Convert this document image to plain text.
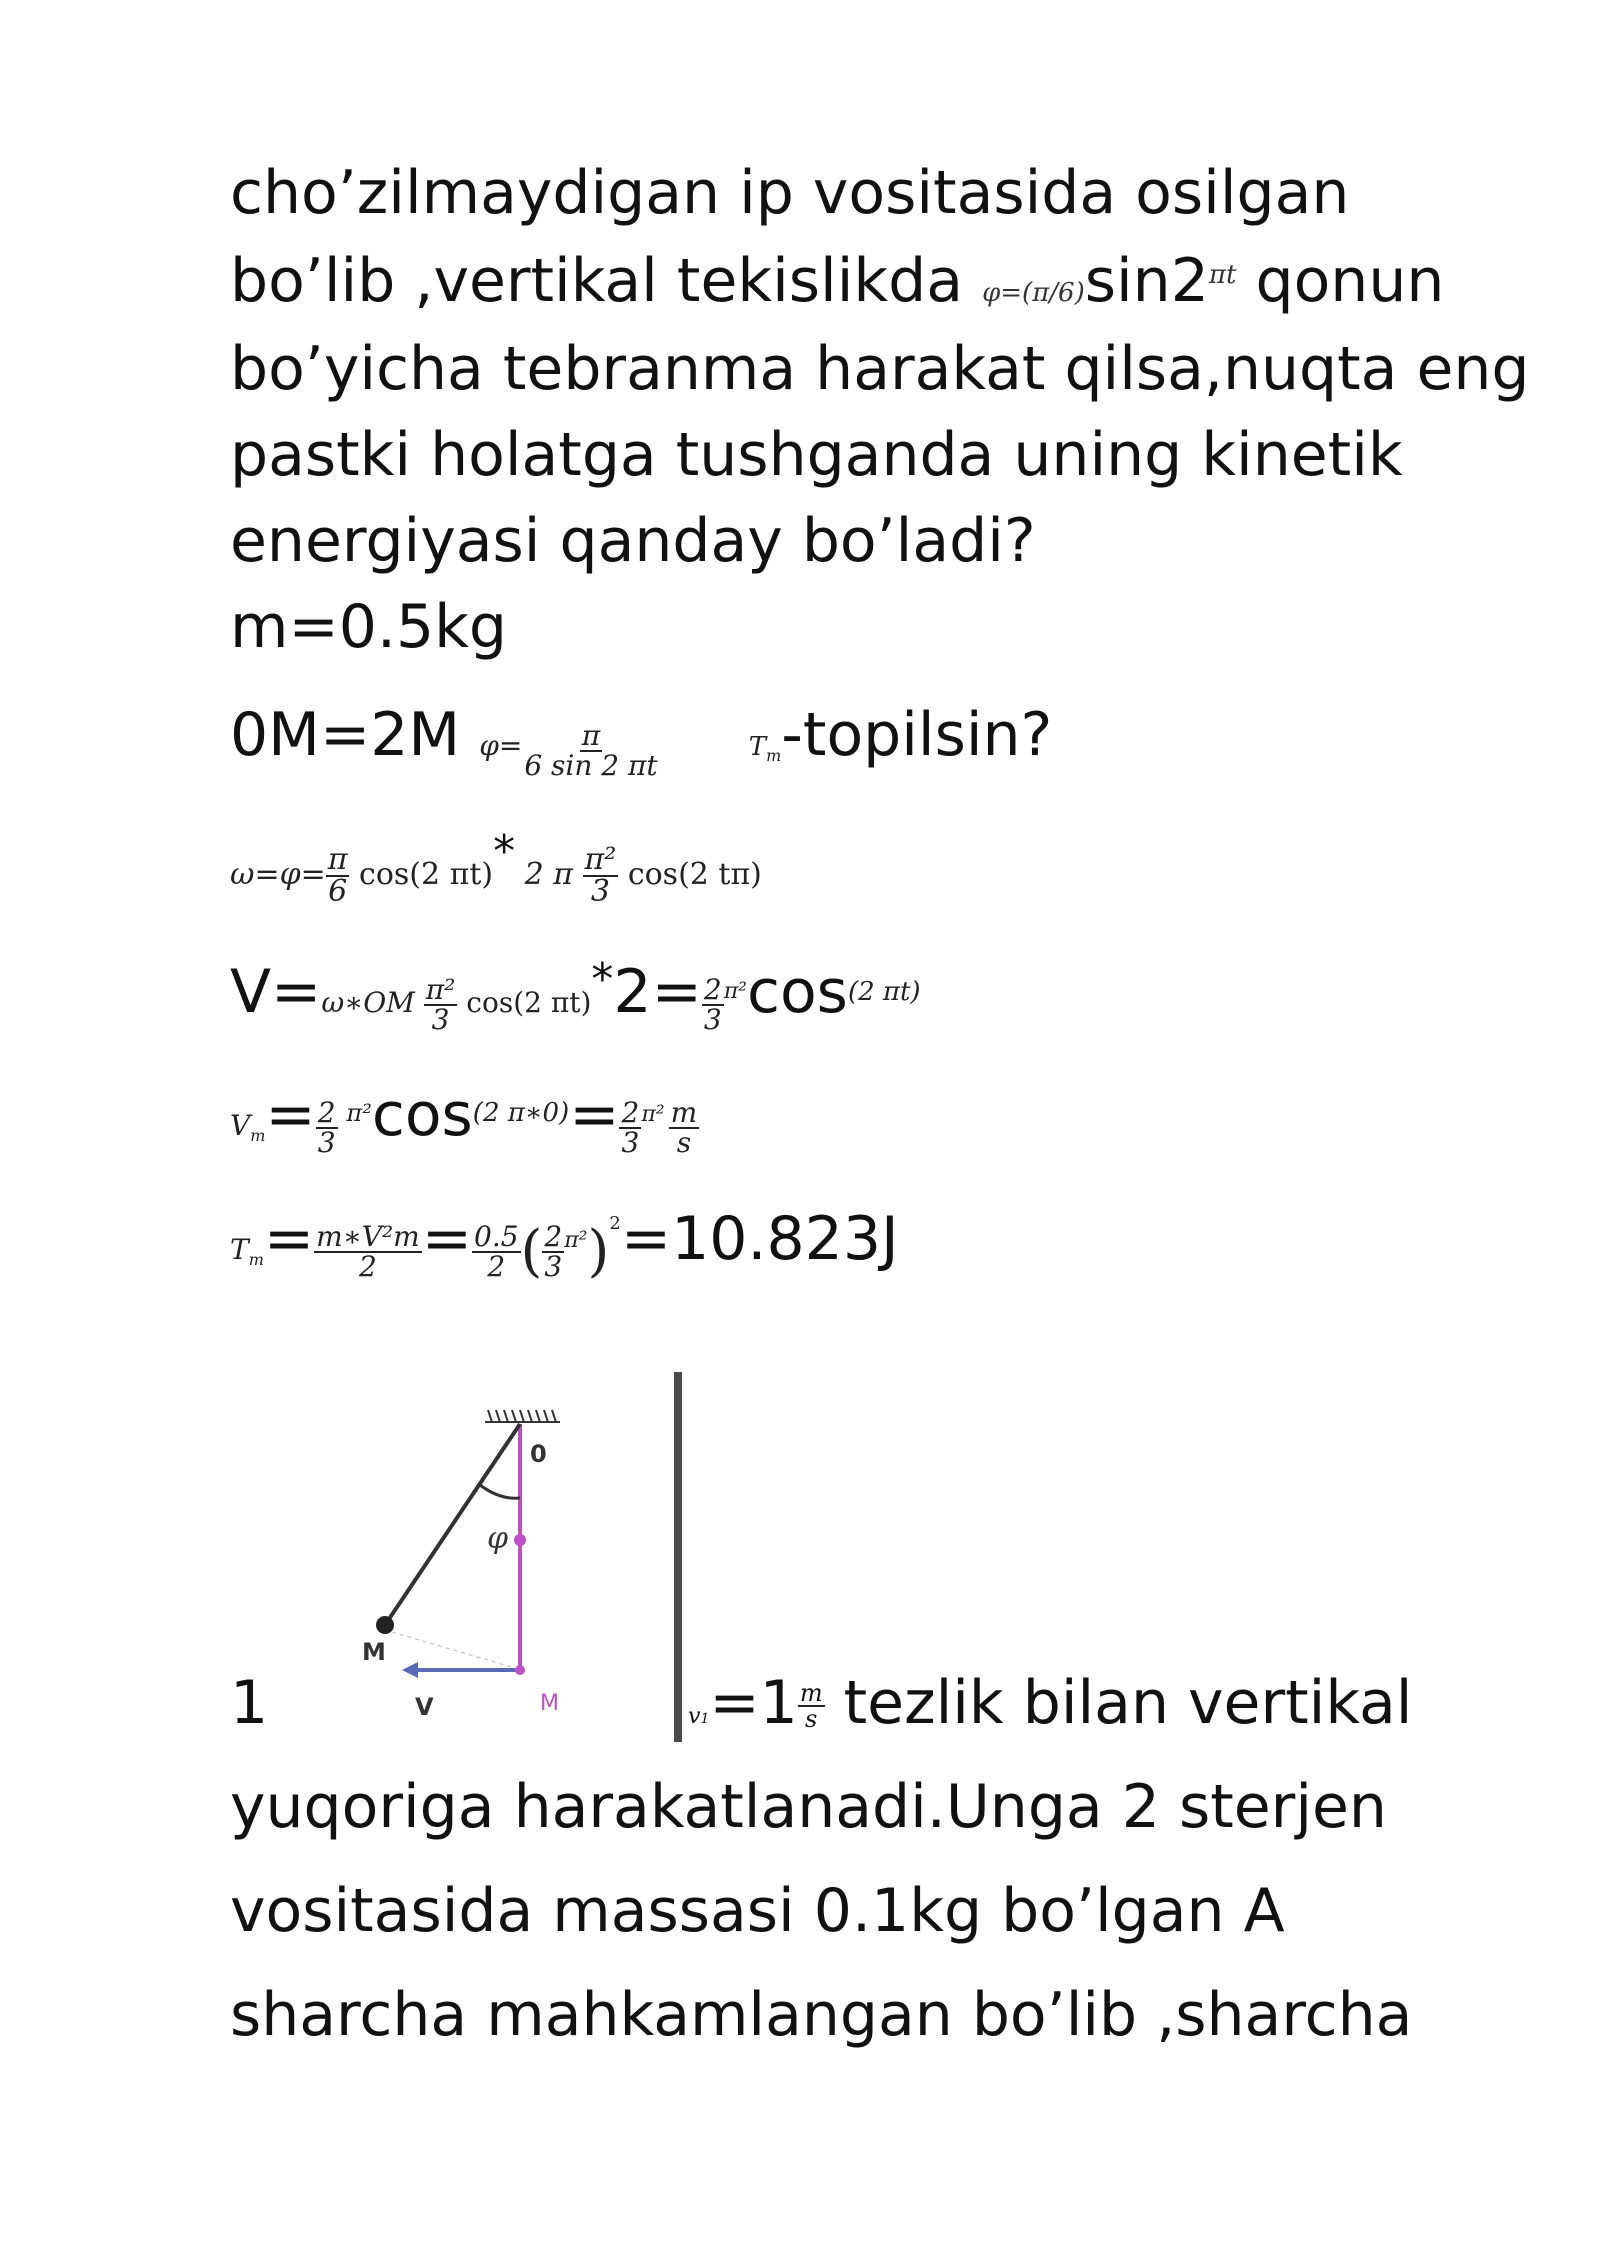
cho’zilmaydigan ip vositasida osilgan
bo’lib ,vertikal tekislikda $\varphi=(\pi/6)\sin 2^{\pi t}$ qonun
bo’yicha tebranma harakat qilsa,nuqta eng
pastki holatga tushganda uning kinetik
energiyasi qanday bo’ladi?
m=0.5kg
0M=2M $\varphi= \frac{\pi}{6 \sin 2 \pi t}$	Tm-topilsin?
$\omega=\varphi= \frac{\pi}{6} \cos(2$ πt)* 2 π $\frac{\text{π²}}{3} \cos(2$ tπ)
V=ω∗OM $\frac{\text{π²}}{3} \cos(2$ $\pi t)*2= \frac{2}{3} ^{\pi^2}\cos(2$ πt)
$V_m= \frac{2}{3} \pi^2\cos(2$ π∗0)= $\frac{2}{3} ^{\pi^2} \frac{m}{s}$
$T_m= \frac{\text{m∗V²m}}{2} = \frac{0.5}{2}$ ( $\frac{2}{3} ^{\pi^2})^2=10.823J$
φ
0
M
V	M
1	$v1=1 \frac{m}{s}$ tezlik bilan vertikal
yuqoriga harakatlanadi.Unga 2 sterjen
vositasida massasi 0.1kg bo’lgan A
sharcha mahkamlangan bo’lib ,sharcha
